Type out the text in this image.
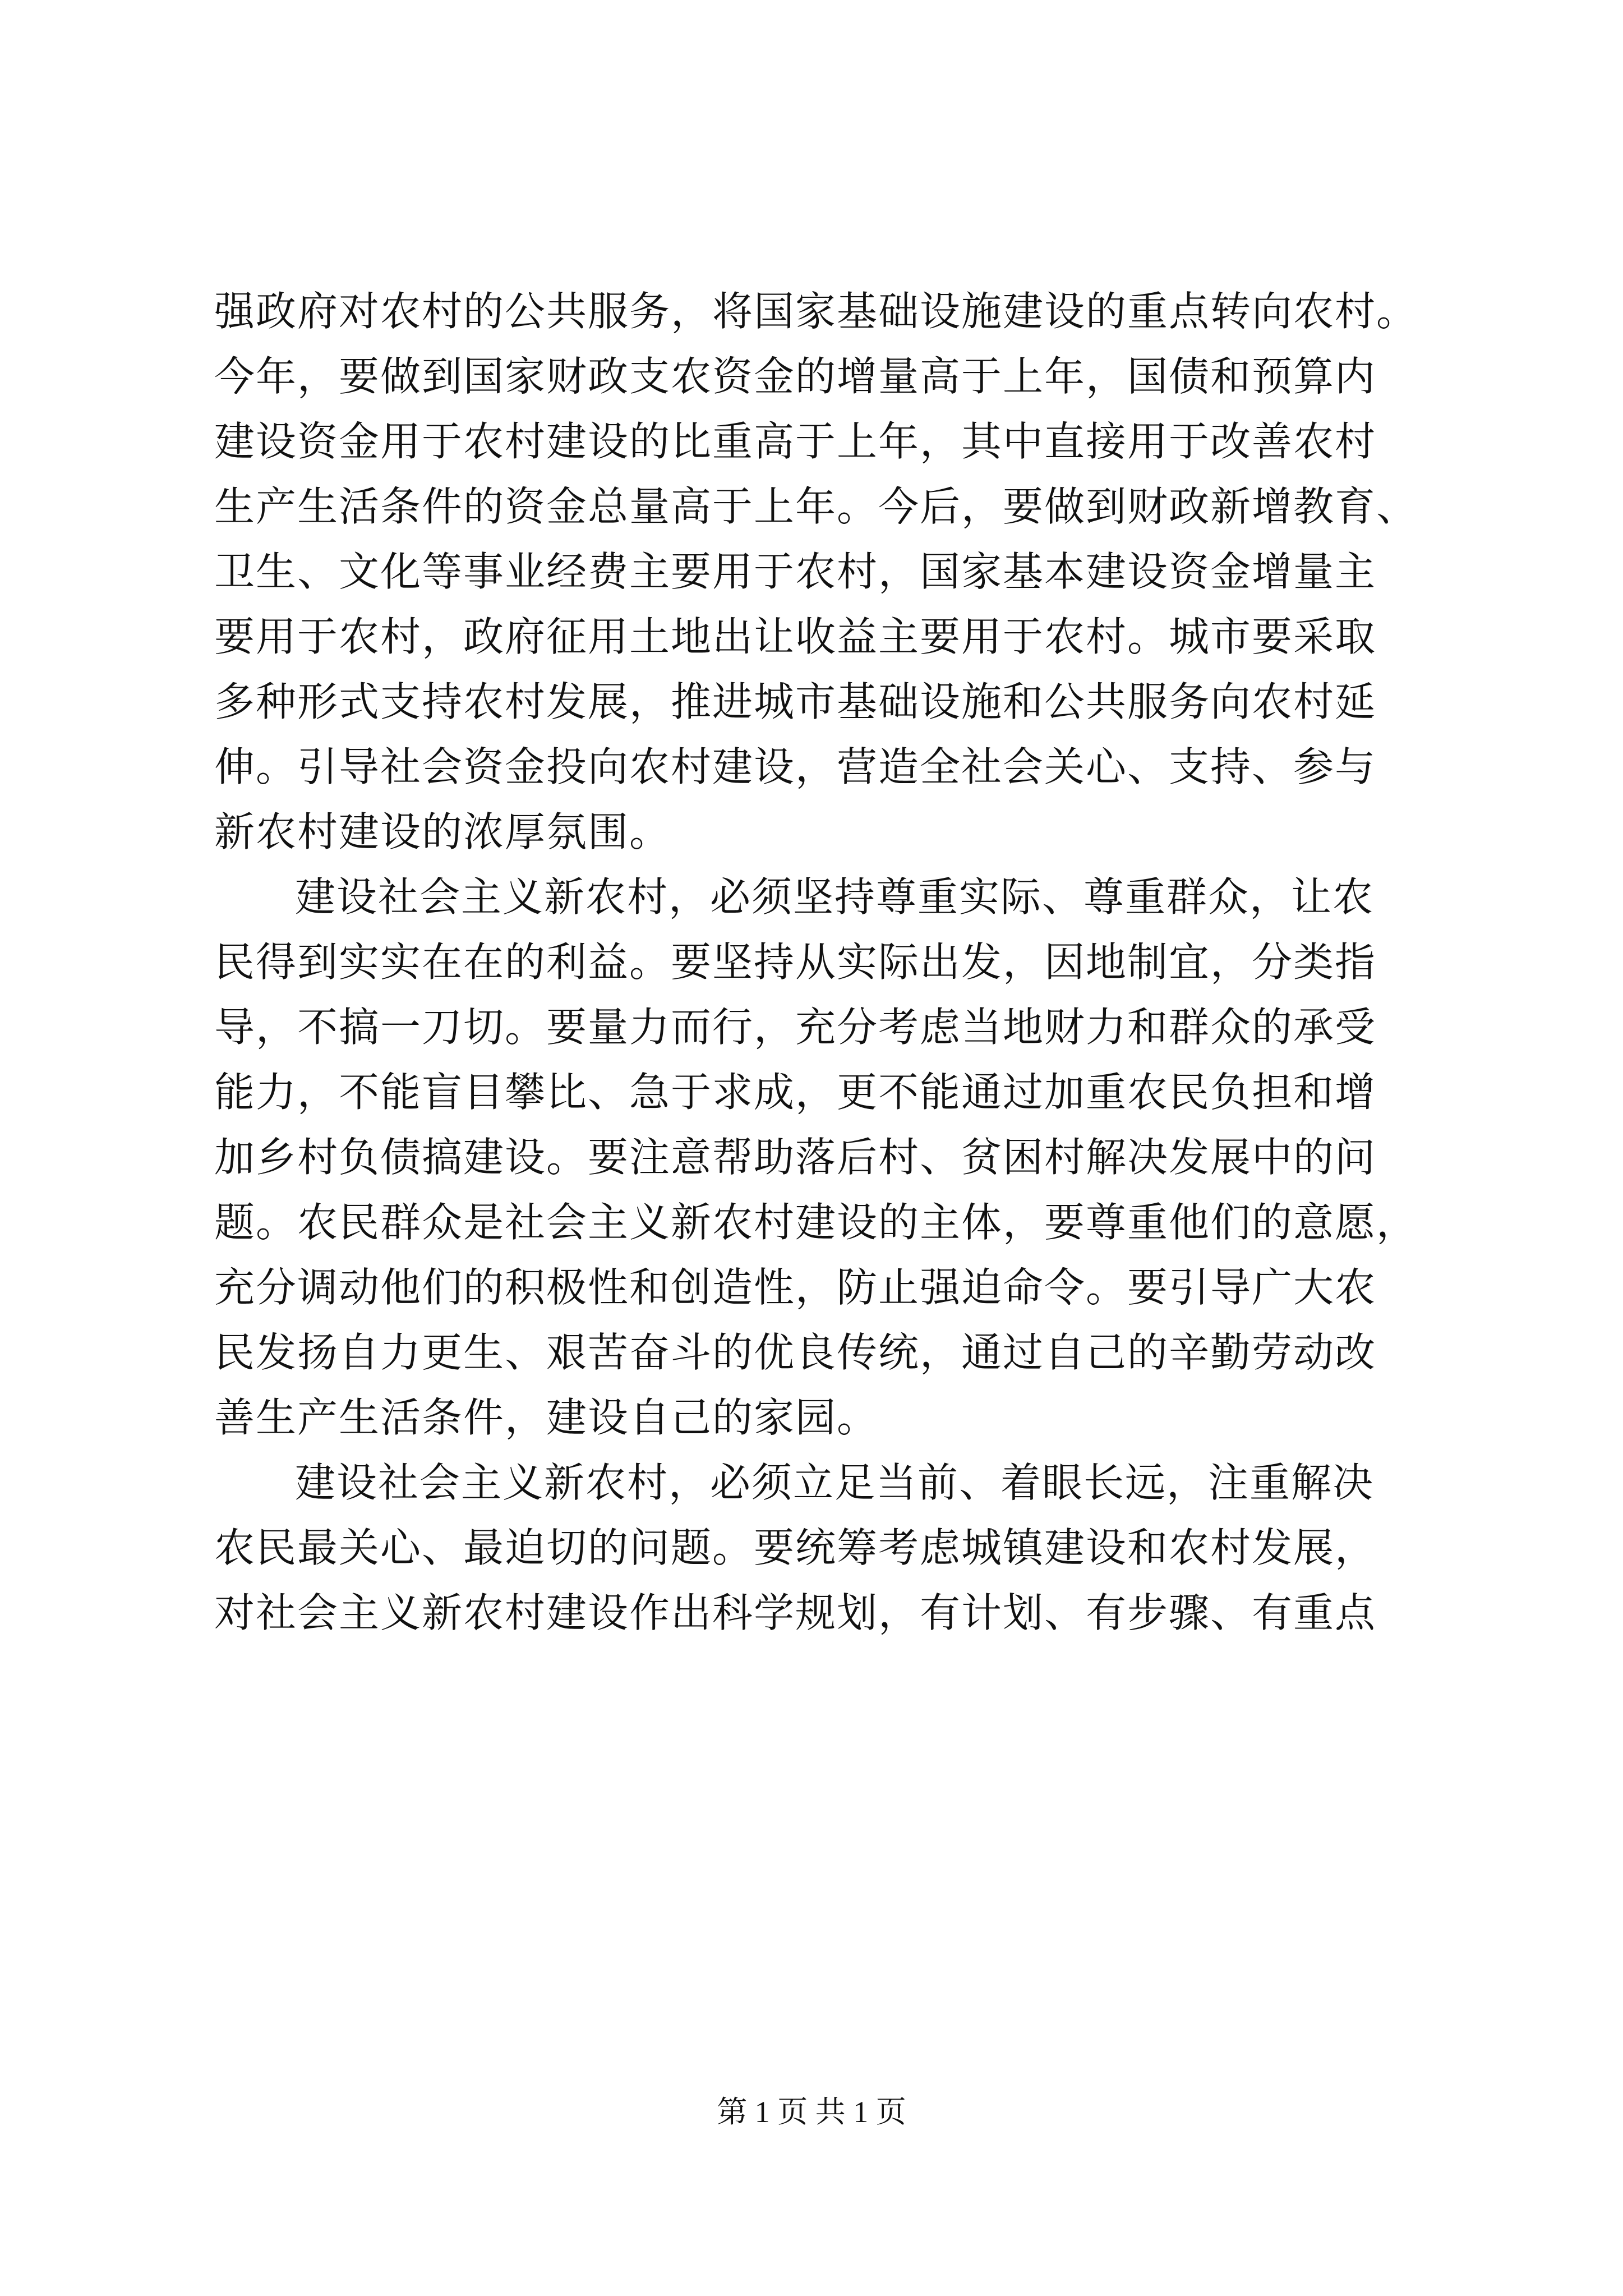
强政府对农村的公共服务，将国家基础设施建设的重点转向农村。
今年，要做到国家财政支农资金的增量高于上年，国债和预算内
建设资金用于农村建设的比重高于上年，其中直接用于改善农村
生产生活条件的资金总量高于上年。今后，要做到财政新增教育、
卫生、文化等事业经费主要用于农村，国家基本建设资金增量主
要用于农村，政府征用土地出让收益主要用于农村。城市要采取
多种形式支持农村发展，推进城市基础设施和公共服务向农村延
伸。引导社会资金投向农村建设，营造全社会关心、支持、参与
新农村建设的浓厚氛围。
建设社会主义新农村，必须坚持尊重实际、尊重群众，让农
民得到实实在在的利益。要坚持从实际出发，因地制宜，分类指
导，不搞一刀切。要量力而行，充分考虑当地财力和群众的承受
能力，不能盲目攀比、急于求成，更不能通过加重农民负担和增
加乡村负债搞建设。要注意帮助落后村、贫困村解决发展中的问
题。农民群众是社会主义新农村建设的主体，要尊重他们的意愿，
充分调动他们的积极性和创造性，防止强迫命令。要引导广大农
民发扬自力更生、艰苦奋斗的优良传统，通过自己的辛勤劳动改
善生产生活条件，建设自己的家园。
建设社会主义新农村，必须立足当前、着眼长远，注重解决
农民最关心、最迫切的问题。要统筹考虑城镇建设和农村发展，
对社会主义新农村建设作出科学规划，有计划、有步骤、有重点
第 1 页 共 1 页
